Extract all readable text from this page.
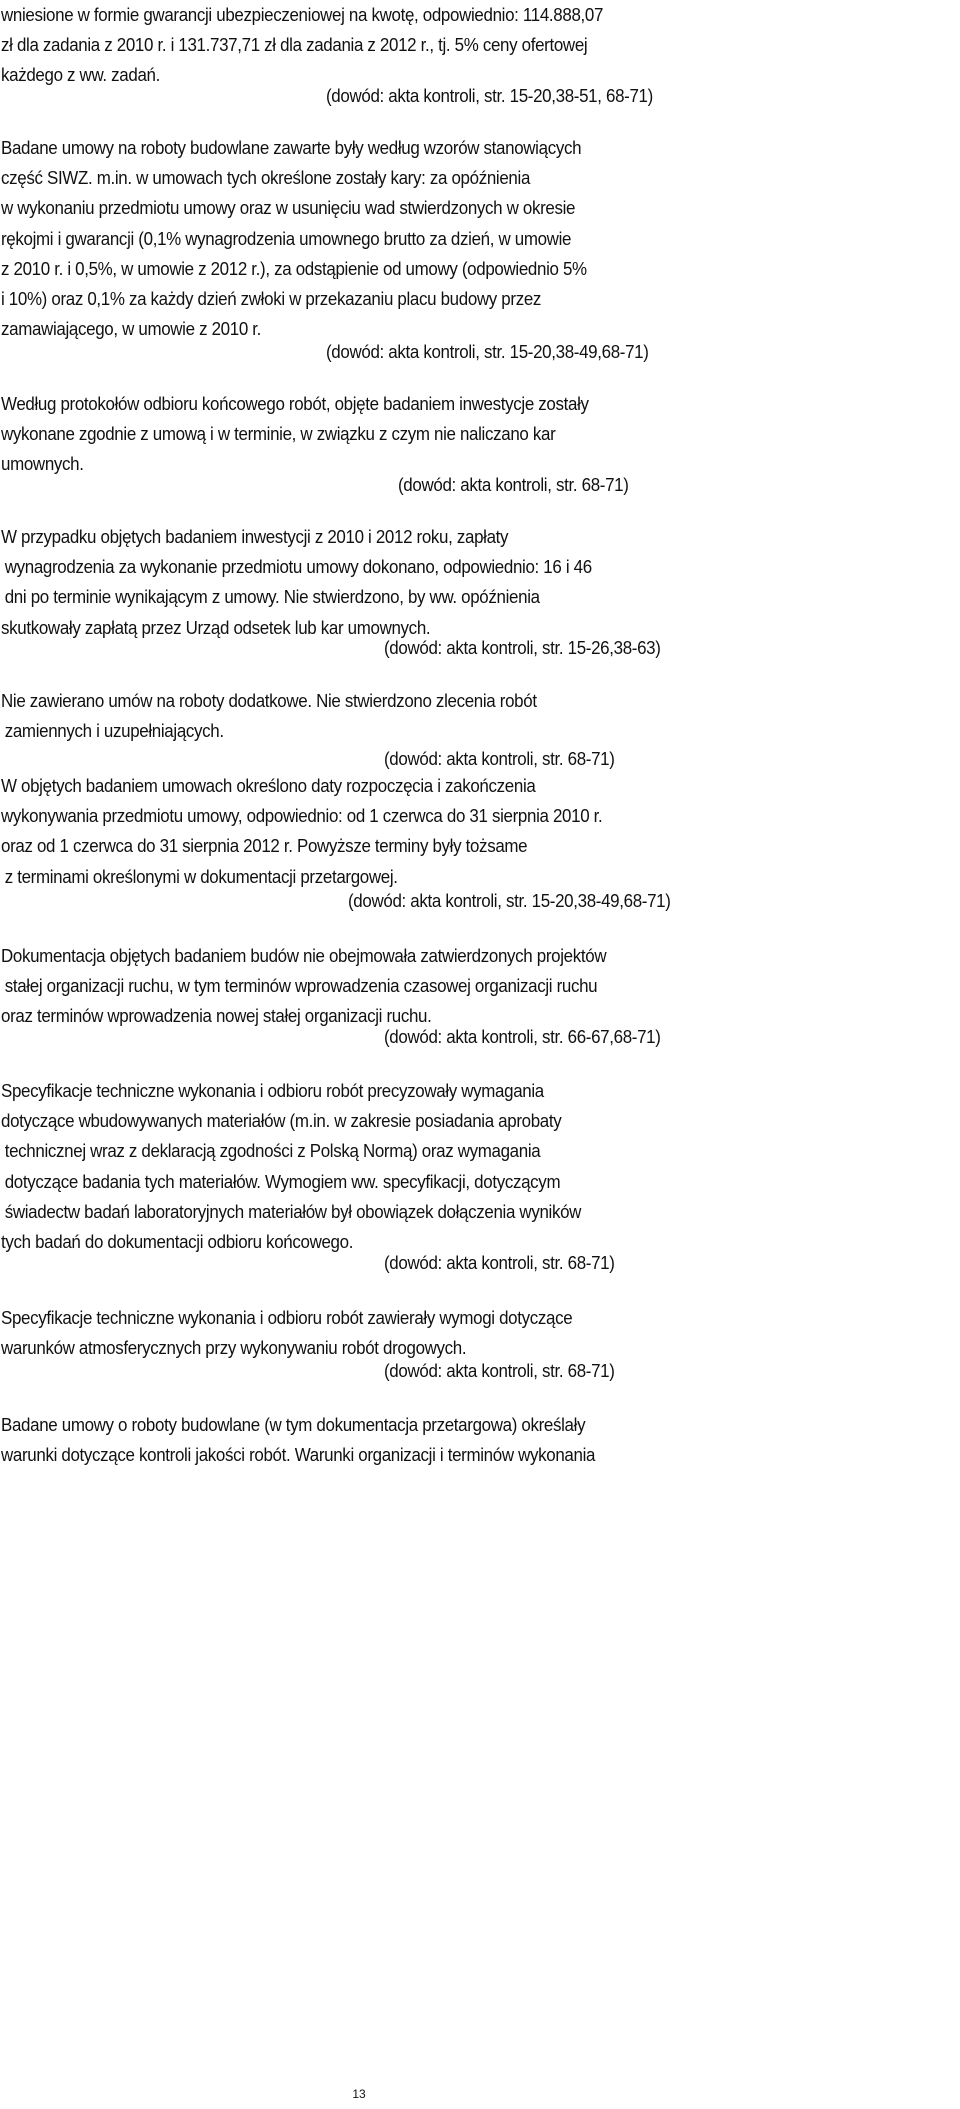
wniesione w formie gwarancji ubezpieczeniowej na kwotę, odpowiednio: 114.888,07
zł dla zadania z 2010 r. i 131.737,71 zł dla zadania z 2012 r., tj. 5% ceny ofertowej
każdego z ww. zadań.
(dowód: akta kontroli, str. 15-20,38-51, 68-71)
Badane umowy na roboty budowlane zawarte były według wzorów stanowiących
część SIWZ. m.in. w umowach tych określone zostały kary: za opóźnienia
w wykonaniu przedmiotu umowy oraz w usunięciu wad stwierdzonych w okresie
rękojmi i gwarancji (0,1% wynagrodzenia umownego brutto za dzień, w umowie
z 2010 r. i 0,5%, w umowie z 2012 r.), za odstąpienie od umowy (odpowiednio 5%
i 10%) oraz 0,1% za każdy dzień zwłoki w przekazaniu placu budowy przez
zamawiającego, w umowie z 2010 r.
(dowód: akta kontroli, str. 15-20,38-49,68-71)
Według protokołów odbioru końcowego robót, objęte badaniem inwestycje zostały
wykonane zgodnie z umową i w terminie, w związku z czym nie naliczano kar
umownych.
(dowód: akta kontroli, str. 68-71)
W przypadku objętych badaniem inwestycji z 2010 i 2012 roku, zapłaty
wynagrodzenia za wykonanie przedmiotu umowy dokonano, odpowiednio: 16 i 46
dni po terminie wynikającym z umowy. Nie stwierdzono, by ww. opóźnienia
skutkowały zapłatą przez Urząd odsetek lub kar umownych.
(dowód: akta kontroli, str. 15-26,38-63)
Nie zawierano umów na roboty dodatkowe. Nie stwierdzono zlecenia robót
zamiennych i uzupełniających.
(dowód: akta kontroli, str. 68-71)
W objętych badaniem umowach określono daty rozpoczęcia i zakończenia
wykonywania przedmiotu umowy, odpowiednio: od 1 czerwca do 31 sierpnia 2010 r.
oraz od 1 czerwca do 31 sierpnia 2012 r. Powyższe terminy były tożsame
z terminami określonymi w dokumentacji przetargowej.
(dowód: akta kontroli, str. 15-20,38-49,68-71)
Dokumentacja objętych badaniem budów nie obejmowała zatwierdzonych projektów
stałej organizacji ruchu, w tym terminów wprowadzenia czasowej organizacji ruchu
oraz terminów wprowadzenia nowej stałej organizacji ruchu.
(dowód: akta kontroli, str. 66-67,68-71)
Specyfikacje techniczne wykonania i odbioru robót precyzowały wymagania
dotyczące wbudowywanych materiałów (m.in. w zakresie posiadania aprobaty
technicznej wraz z deklaracją zgodności z Polską Normą) oraz wymagania
dotyczące badania tych materiałów. Wymogiem ww. specyfikacji, dotyczącym
świadectw badań laboratoryjnych materiałów był obowiązek dołączenia wyników
tych badań do dokumentacji odbioru końcowego.
(dowód: akta kontroli, str. 68-71)
Specyfikacje techniczne wykonania i odbioru robót zawierały wymogi dotyczące
warunków atmosferycznych przy wykonywaniu robót drogowych.
(dowód: akta kontroli, str. 68-71)
Badane umowy o roboty budowlane (w tym dokumentacja przetargowa) określały
warunki dotyczące kontroli jakości robót. Warunki organizacji i terminów wykonania
13
